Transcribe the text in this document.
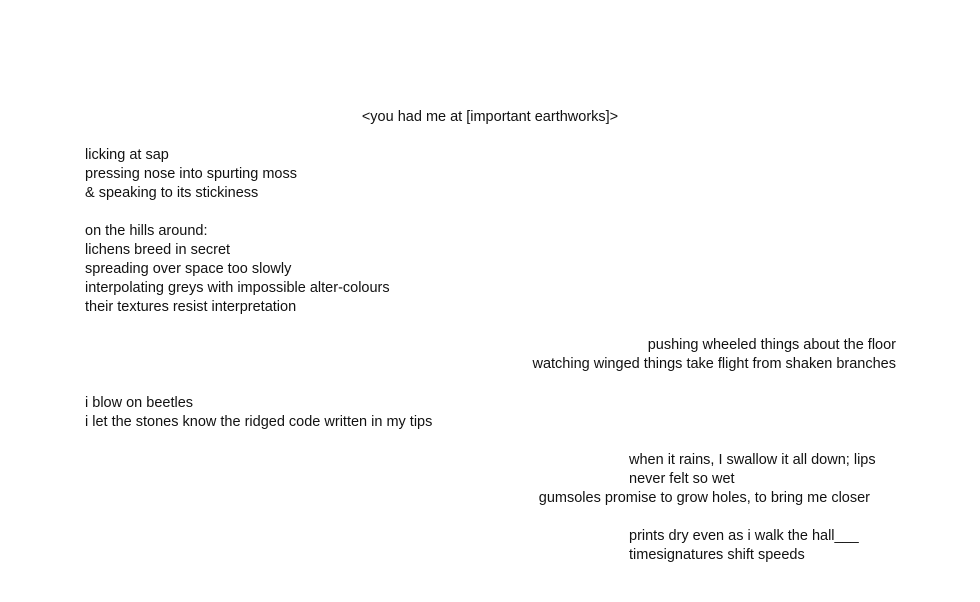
<you had me at [important earthworks]>

licking at sap

pressing nose into spurting moss

& speaking to its stickiness

on the hills around:

lichens breed in secret

spreading over space too slowly

interpolating greys with impossible alter-colours

their textures resist interpretation

pushing wheeled things about the floor

watching winged things take flight from shaken branches

i blow on beetles

i let the stones know the ridged code written in my tips

when it rains, I swallow it all down; lips

never felt so wet

gumsoles promise to grow holes, to bring me closer

prints dry even as i walk the hall___

timesignatures shift speeds
